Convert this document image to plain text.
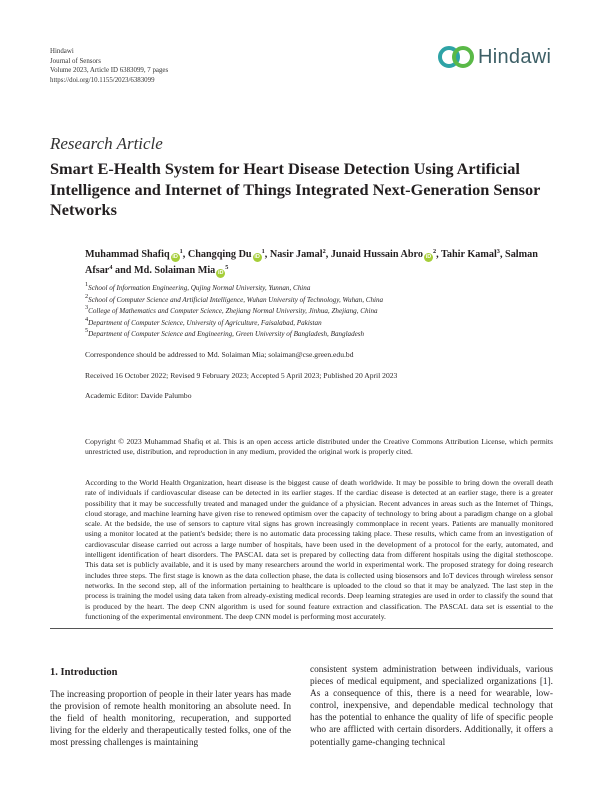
Hindawi
Journal of Sensors
Volume 2023, Article ID 6383099, 7 pages
https://doi.org/10.1155/2023/6383099
Hindawi
Research Article
Smart E-Health System for Heart Disease Detection Using Artificial Intelligence and Internet of Things Integrated Next-Generation Sensor Networks
Muhammad Shafiq $iD^1$, Changqing Du $iD^1$, Nasir Jamal$^2$, Junaid Hussain Abro $iD^2$, Tahir Kamal$^3$, Salman Afsar$^4$ and Md. Solaiman Mia $iD^5$
$^1$School of Information Engineering, Qujing Normal University, Yunnan, China
$^2$School of Computer Science and Artificial Intelligence, Wuhan University of Technology, Wuhan, China
$^3$College of Mathematics and Computer Science, Zhejiang Normal University, Jinhua, Zhejiang, China
$^4$Department of Computer Science, University of Agriculture, Faisalabad, Pakistan
$^5$Department of Computer Science and Engineering, Green University of Bangladesh, Bangladesh
Correspondence should be addressed to Md. Solaiman Mia; solaiman@cse.green.edu.bd
Received 16 October 2022; Revised 9 February 2023; Accepted 5 April 2023; Published 20 April 2023
Academic Editor: Davide Palumbo

Copyright © 2023 Muhammad Shafiq et al. This is an open access article distributed under the Creative Commons Attribution License, which permits unrestricted use, distribution, and reproduction in any medium, provided the original work is properly cited.

According to the World Health Organization, heart disease is the biggest cause of death worldwide. It may be possible to bring down the overall death rate of individuals if cardiovascular disease can be detected in its earlier stages. If the cardiac disease is detected at an earlier stage, there is a greater possibility that it may be successfully treated and managed under the guidance of a physician. Recent advances in areas such as the Internet of Things, cloud storage, and machine learning have given rise to renewed optimism over the capacity of technology to bring about a paradigm change on a global scale. At the bedside, the use of sensors to capture vital signs has grown increasingly commonplace in recent years. Patients are manually monitored using a monitor located at the patient's bedside; there is no automatic data processing taking place. These results, which came from an investigation of cardiovascular disease carried out across a large number of hospitals, have been used in the development of a protocol for the early, automated, and intelligent identification of heart disorders. The PASCAL data set is prepared by collecting data from different hospitals using the digital stethoscope. This data set is publicly available, and it is used by many researchers around the world in experimental work. The proposed strategy for doing research includes three steps. The first stage is known as the data collection phase, the data is collected using biosensors and IoT devices through wireless sensor networks. In the second step, all of the information pertaining to healthcare is uploaded to the cloud so that it may be analyzed. The last step in the process is training the model using data taken from already-existing medical records. Deep learning strategies are used in order to classify the sound that is produced by the heart. The deep CNN algorithm is used for sound feature extraction and classification. The PASCAL data set is essential to the functioning of the experimental environment. The deep CNN model is performing most accurately.

1. Introduction

The increasing proportion of people in their later years has made the provision of remote health monitoring an absolute need. In the field of health monitoring, recuperation, and supported living for the elderly and therapeutically tested folks, one of the most pressing challenges is maintaining

consistent system administration between individuals, various pieces of medical equipment, and specialized organizations [1]. As a consequence of this, there is a need for wearable, low-control, inexpensive, and dependable medical technology that has the potential to enhance the quality of life of specific people who are afflicted with certain disorders. Additionally, it offers a potentially game-changing technical
